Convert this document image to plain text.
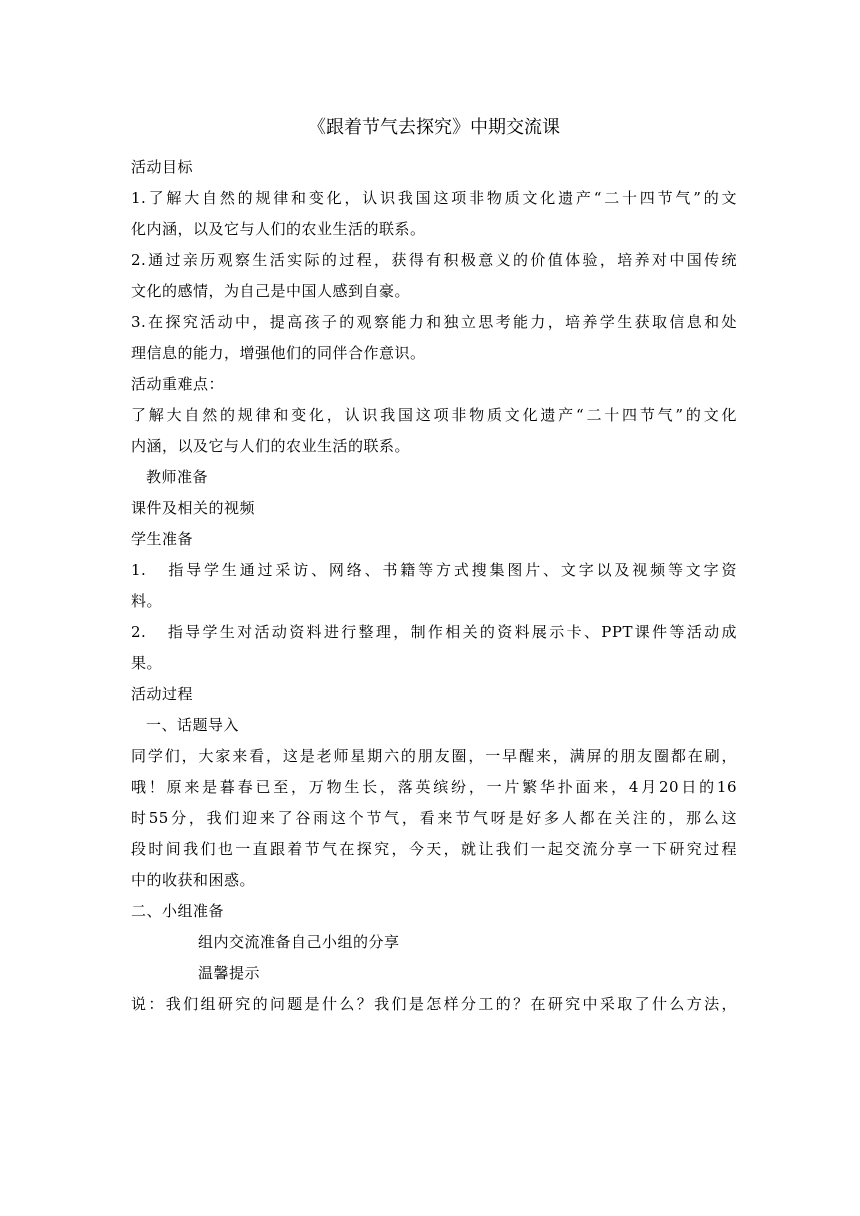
《跟着节气去探究》中期交流课

活动目标

1.了解大自然的规律和变化，认识我国这项非物质文化遗产“二十四节气”的文

化内涵，以及它与人们的农业生活的联系。

2.通过亲历观察生活实际的过程，获得有积极意义的价值体验，培养对中国传统

文化的感情，为自己是中国人感到自豪。

3.在探究活动中，提高孩子的观察能力和独立思考能力，培养学生获取信息和处

理信息的能力，增强他们的同伴合作意识。

活动重难点：

了解大自然的规律和变化，认识我国这项非物质文化遗产“二十四节气”的文化

内涵，以及它与人们的农业生活的联系。

教师准备

课件及相关的视频

学生准备

1. 指导学生通过采访、网络、书籍等方式搜集图片、文字以及视频等文字资

料。

2. 指导学生对活动资料进行整理，制作相关的资料展示卡、PPT课件等活动成

果。

活动过程

一、话题导入

同学们，大家来看，这是老师星期六的朋友圈，一早醒来，满屏的朋友圈都在刷，

哦！原来是暮春已至，万物生长，落英缤纷，一片繁华扑面来，4月20日的16

时55分，我们迎来了谷雨这个节气，看来节气呀是好多人都在关注的，那么这

段时间我们也一直跟着节气在探究，今天，就让我们一起交流分享一下研究过程

中的收获和困惑。

二、小组准备

组内交流准备自己小组的分享

温馨提示

说：我们组研究的问题是什么？我们是怎样分工的？在研究中采取了什么方法，
